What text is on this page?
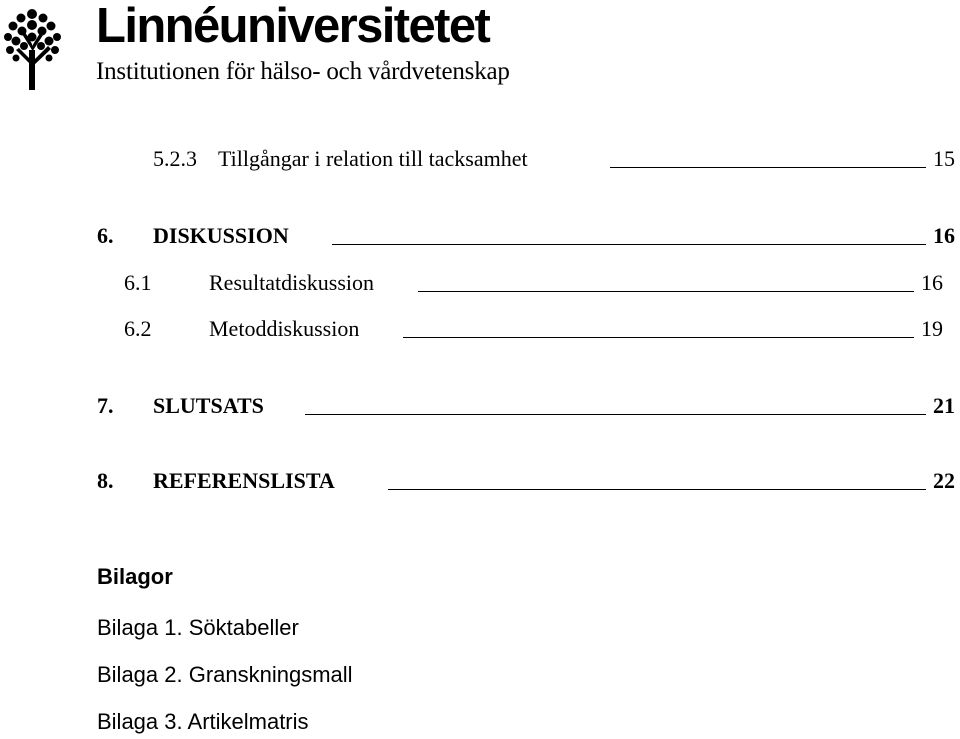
Linnéuniversitetet
Institutionen för hälso- och vårdvetenskap
5.2.3 Tillgångar i relation till tacksamhet	15
6. DISKUSSION	16
6.1	Resultatdiskussion	16
6.2	Metoddiskussion	19
7. SLUTSATS	21
8. REFERENSLISTA	22
Bilagor
Bilaga 1. Söktabeller
Bilaga 2. Granskningsmall
Bilaga 3. Artikelmatris
